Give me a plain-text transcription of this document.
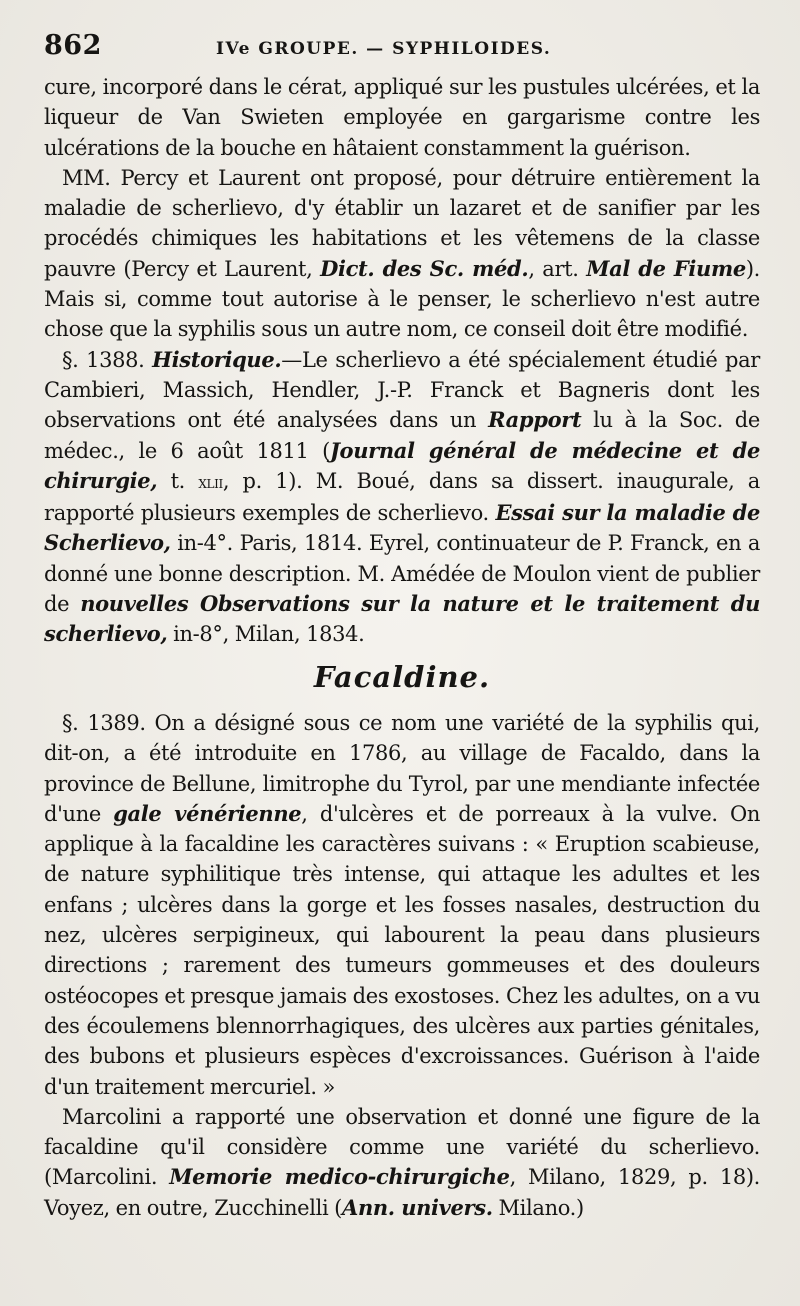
862	IVe GROUPE. — SYPHILOIDES.

cure, incorporé dans le cérat, appliqué sur les pustules ulcérées, et la liqueur de Van Swieten employée en gargarisme contre les ulcérations de la bouche en hâtaient constamment la guérison.

MM. Percy et Laurent ont proposé, pour détruire entièrement la maladie de scherlievo, d'y établir un lazaret et de sanifier par les procédés chimiques les habitations et les vêtemens de la classe pauvre (Percy et Laurent, Dict. des Sc. méd., art. Mal de Fiume). Mais si, comme tout autorise à le penser, le scherlievo n'est autre chose que la syphilis sous un autre nom, ce conseil doit être modifié.

§. 1388. Historique.—Le scherlievo a été spécialement étudié par Cambieri, Massich, Hendler, J.-P. Franck et Bagneris dont les observations ont été analysées dans un Rapport lu à la Soc. de médec., le 6 août 1811 (Journal général de médecine et de chirurgie, t. xlii, p. 1). M. Boué, dans sa dissert. inaugurale, a rapporté plusieurs exemples de scherlievo. Essai sur la maladie de Scherlievo, in-4°. Paris, 1814. Eyrel, continuateur de P. Franck, en a donné une bonne description. M. Amédée de Moulon vient de publier de nouvelles Observations sur la nature et le traitement du scherlievo, in-8°, Milan, 1834.

Facaldine.

§. 1389. On a désigné sous ce nom une variété de la syphilis qui, dit-on, a été introduite en 1786, au village de Facaldo, dans la province de Bellune, limitrophe du Tyrol, par une mendiante infectée d'une gale vénérienne, d'ulcères et de porreaux à la vulve. On applique à la facaldine les caractères suivans : « Eruption scabieuse, de nature syphilitique très intense, qui attaque les adultes et les enfans ; ulcères dans la gorge et les fosses nasales, destruction du nez, ulcères serpigineux, qui labourent la peau dans plusieurs directions ; rarement des tumeurs gommeuses et des douleurs ostéocopes et presque jamais des exostoses. Chez les adultes, on a vu des écoulemens blennorrhagiques, des ulcères aux parties génitales, des bubons et plusieurs espèces d'excroissances. Guérison à l'aide d'un traitement mercuriel. »

Marcolini a rapporté une observation et donné une figure de la facaldine qu'il considère comme une variété du scherlievo. (Marcolini. Memorie medico-chirurgiche, Milano, 1829, p. 18). Voyez, en outre, Zucchinelli (Ann. univers. Milano.)
